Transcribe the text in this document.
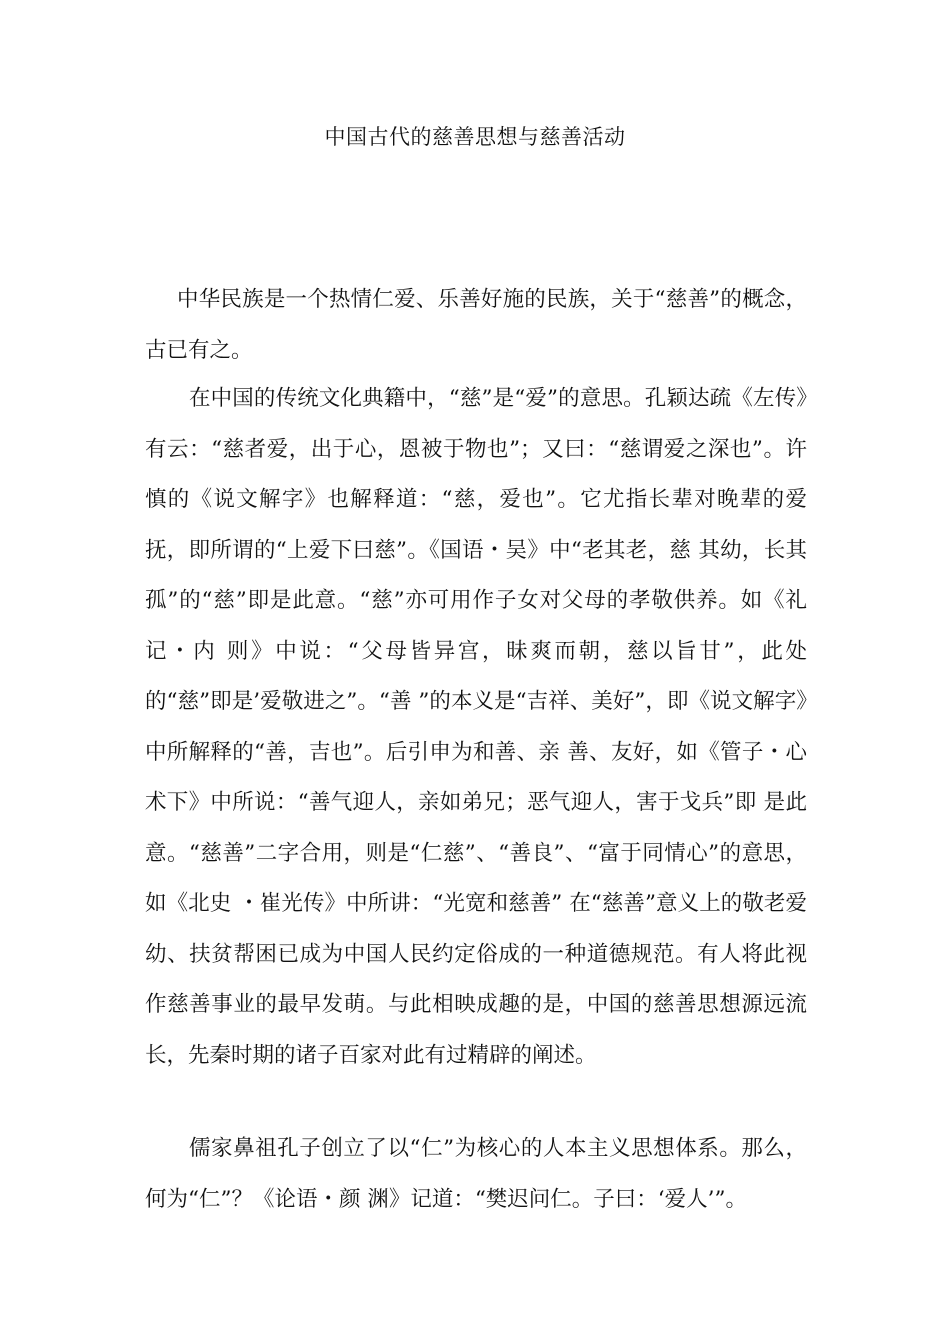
中国古代的慈善思想与慈善活动

中华民族是一个热情仁爱、乐善好施的民族，关于“慈善”的概念，古已有之。

在中国的传统文化典籍中，“慈”是“爱”的意思。孔颖达疏《左传》有云：“慈者爱，出于心，恩被于物也”；又曰：“慈谓爱之深也”。许慎的《说文解字》也解释道：“慈，爱也”。它尤指长辈对晚辈的爱抚，即所谓的“上爱下曰慈”。《国语・吴》中“老其老，慈 其幼，长其孤”的“慈”即是此意。“慈”亦可用作子女对父母的孝敬供养。如《礼记・内 则》中说：“父母皆异宫，昧爽而朝，慈以旨甘”，此处的“慈”即是’爱敬进之”。“善 ”的本义是“吉祥、美好”，即《说文解字》中所解释的“善，吉也”。后引申为和善、亲 善、友好，如《管子・心术下》中所说：“善气迎人，亲如弟兄；恶气迎人，害于戈兵”即 是此意。“慈善”二字合用，则是“仁慈”、“善良”、“富于同情心”的意思，如《北史 ・崔光传》中所讲：“光宽和慈善” 在“慈善”意义上的敬老爱幼、扶贫帮困已成为中国人民约定俗成的一种道德规范。有人将此视作慈善事业的最早发萌。与此相映成趣的是，中国的慈善思想源远流长，先秦时期的诸子百家对此有过精辟的阐述。

儒家鼻祖孔子创立了以“仁”为核心的人本主义思想体系。那么，何为“仁”？《论语・颜 渊》记道：“樊迟问仁。子曰：‘爱人’”。
